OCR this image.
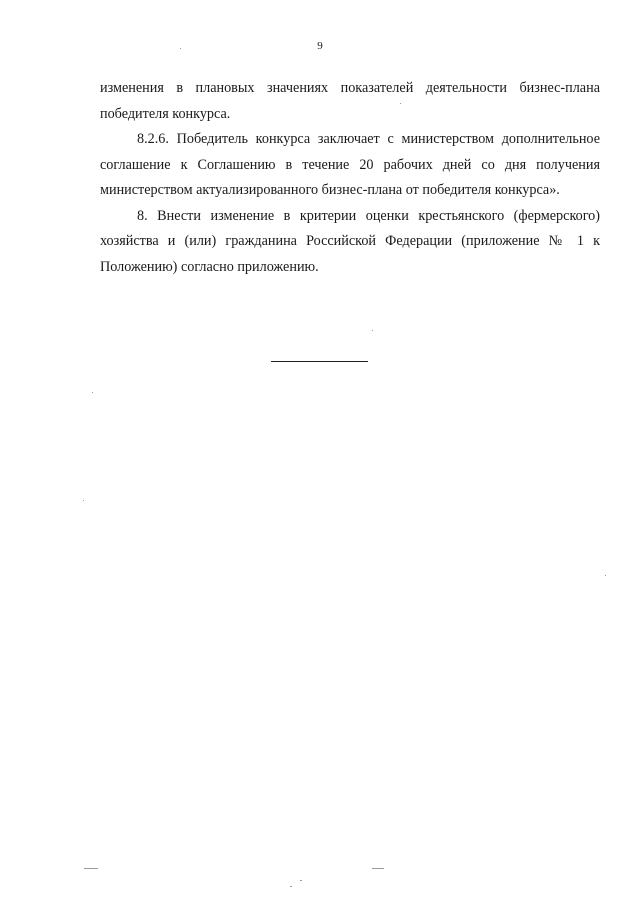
9

изменения в плановых значениях показателей деятельности бизнес-плана победителя конкурса.

8.2.6. Победитель конкурса заключает с министерством дополнительное соглашение к Соглашению в течение 20 рабочих дней со дня получения министерством актуализированного бизнес-плана от победителя конкурса».

8. Внести изменение в критерии оценки крестьянского (фермерского) хозяйства и (или) гражданина Российской Федерации (приложение № 1 к Положению) согласно приложению.
